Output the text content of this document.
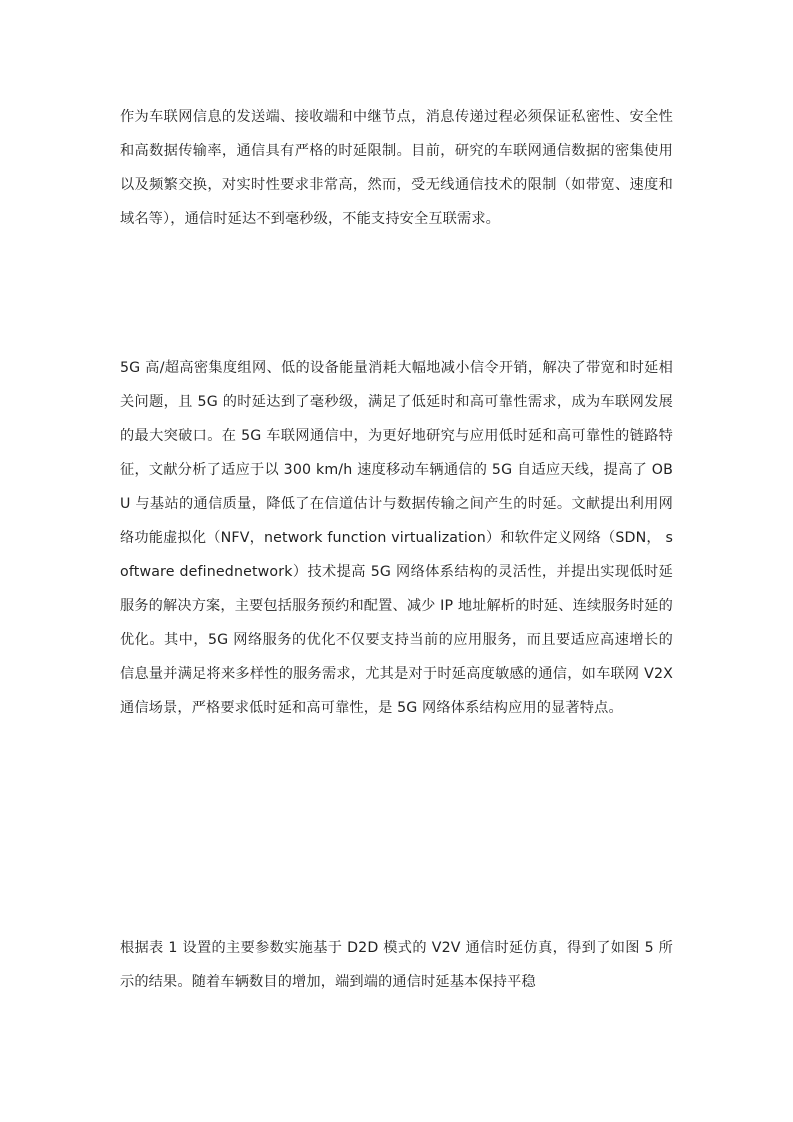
作为车联网信息的发送端、接收端和中继节点，消息传递过程必须保证私密性、安全性和高数据传输率，通信具有严格的时延限制。目前，研究的车联网通信数据的密集使用以及频繁交换，对实时性要求非常高，然而，受无线通信技术的限制（如带宽、速度和域名等），通信时延达不到毫秒级，不能支持安全互联需求。

5G 高/超高密集度组网、低的设备能量消耗大幅地减小信令开销，解决了带宽和时延相关问题，且 5G 的时延达到了毫秒级，满足了低延时和高可靠性需求，成为车联网发展的最大突破口。在 5G 车联网通信中，为更好地研究与应用低时延和高可靠性的链路特征，文献分析了适应于以 300 km/h 速度移动车辆通信的 5G 自适应天线，提高了 OBU 与基站的通信质量，降低了在信道估计与数据传输之间产生的时延。文献提出利用网络功能虚拟化（NFV，network function virtualization）和软件定义网络（SDN， software definednetwork）技术提高 5G 网络体系结构的灵活性，并提出实现低时延服务的解决方案，主要包括服务预约和配置、减少 IP 地址解析的时延、连续服务时延的优化。其中，5G 网络服务的优化不仅要支持当前的应用服务，而且要适应高速增长的信息量并满足将来多样性的服务需求，尤其是对于时延高度敏感的通信，如车联网 V2X 通信场景，严格要求低时延和高可靠性，是 5G 网络体系结构应用的显著特点。

根据表 1 设置的主要参数实施基于 D2D 模式的 V2V 通信时延仿真，得到了如图 5 所示的结果。随着车辆数目的增加，端到端的通信时延基本保持平稳
